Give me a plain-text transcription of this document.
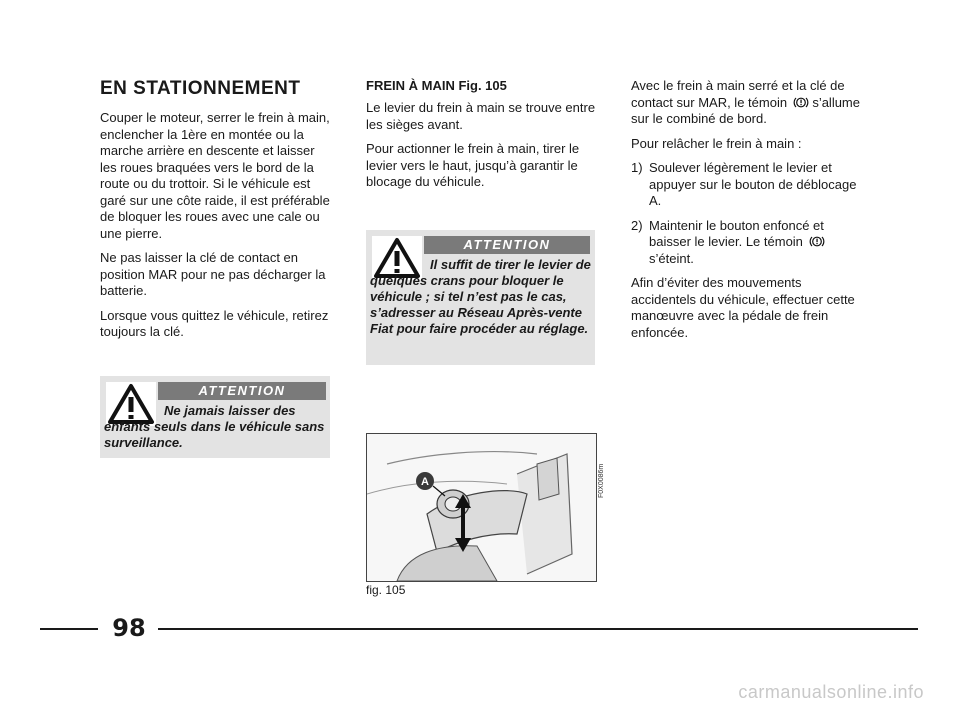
EN STATIONNEMENT

Couper le moteur, serrer le frein à main, enclencher la 1ère en montée ou la marche arrière en descente et laisser les roues braquées vers le bord de la route ou du trottoir. Si le véhicule est garé sur une côte raide, il est préférable de bloquer les roues avec une cale ou une pierre.

Ne pas laisser la clé de contact en position MAR pour ne pas décharger la batterie.

Lorsque vous quittez le véhicule, retirez toujours la clé.

ATTENTION
Ne jamais laisser des enfants seuls dans le véhicule sans surveillance.
FREIN À MAIN Fig. 105

Le levier du frein à main se trouve entre les sièges avant.

Pour actionner le frein à main, tirer le levier vers le haut, jusqu’à garantir le blocage du véhicule.

ATTENTION
Il suffit de tirer le levier de quelques crans pour bloquer le véhicule ; si tel n’est pas le cas, s’adresser au Réseau Après-vente Fiat pour faire procéder au réglage.
A	F0X0086m
fig. 105

Avec le frein à main serré et la clé de contact sur MAR, le témoin s’allume sur le combiné de bord.

Pour relâcher le frein à main :

1) Soulever légèrement le levier et appuyer sur le bouton de déblocage A.
2) Maintenir le bouton enfoncé et baisser le levier. Le témoin  s’éteint.

Afin d’éviter des mouvements accidentels du véhicule, effectuer cette manœuvre avec la pédale de frein enfoncée.

98
carmanualsonline.info
